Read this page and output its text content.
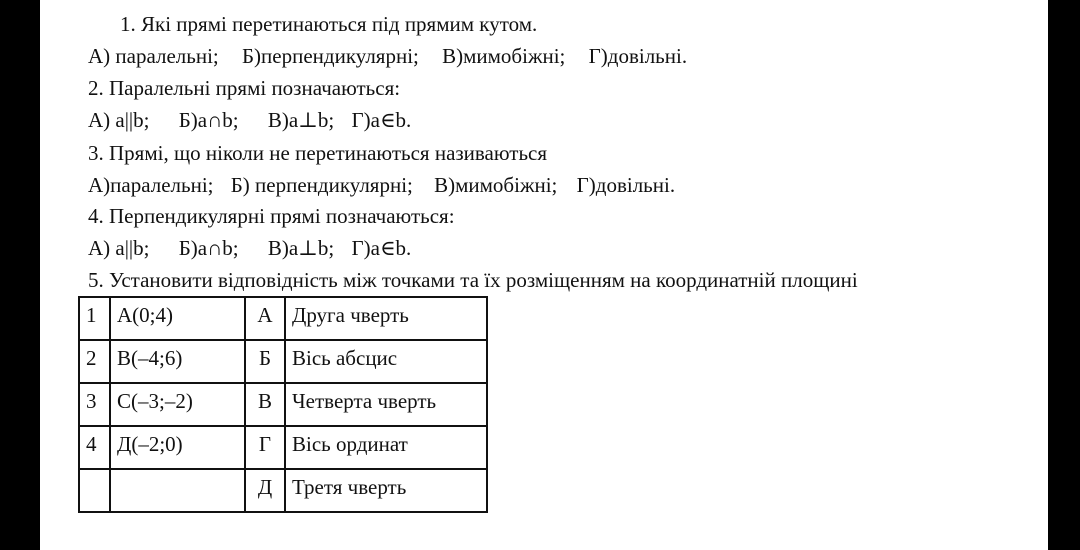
1. Які прямі перетинаються під прямим кутом.
А) паралельні; Б)перпендикулярні; В)мимобіжні; Г)довільні.
2. Паралельні прямі позначаються:
А) a||b; Б)a∩b; В)a⊥b; Г)a∈b.
3. Прямі, що ніколи не перетинаються називаються
А)паралельні; Б) перпендикулярні; В)мимобіжні; Г)довільні.
4. Перпендикулярні прямі позначаються:
А) a||b; Б)a∩b; В)a⊥b; Г)a∈b.
5. Установити відповідність між точками та їх розміщенням на координатній площині
1	А(0;4)	А	Друга чверть
2	В(–4;6)	Б	Вісь абсцис
3	С(–3;–2)	В	Четверта чверть
4	Д(–2;0)	Г	Вісь ординат
		Д	Третя чверть
